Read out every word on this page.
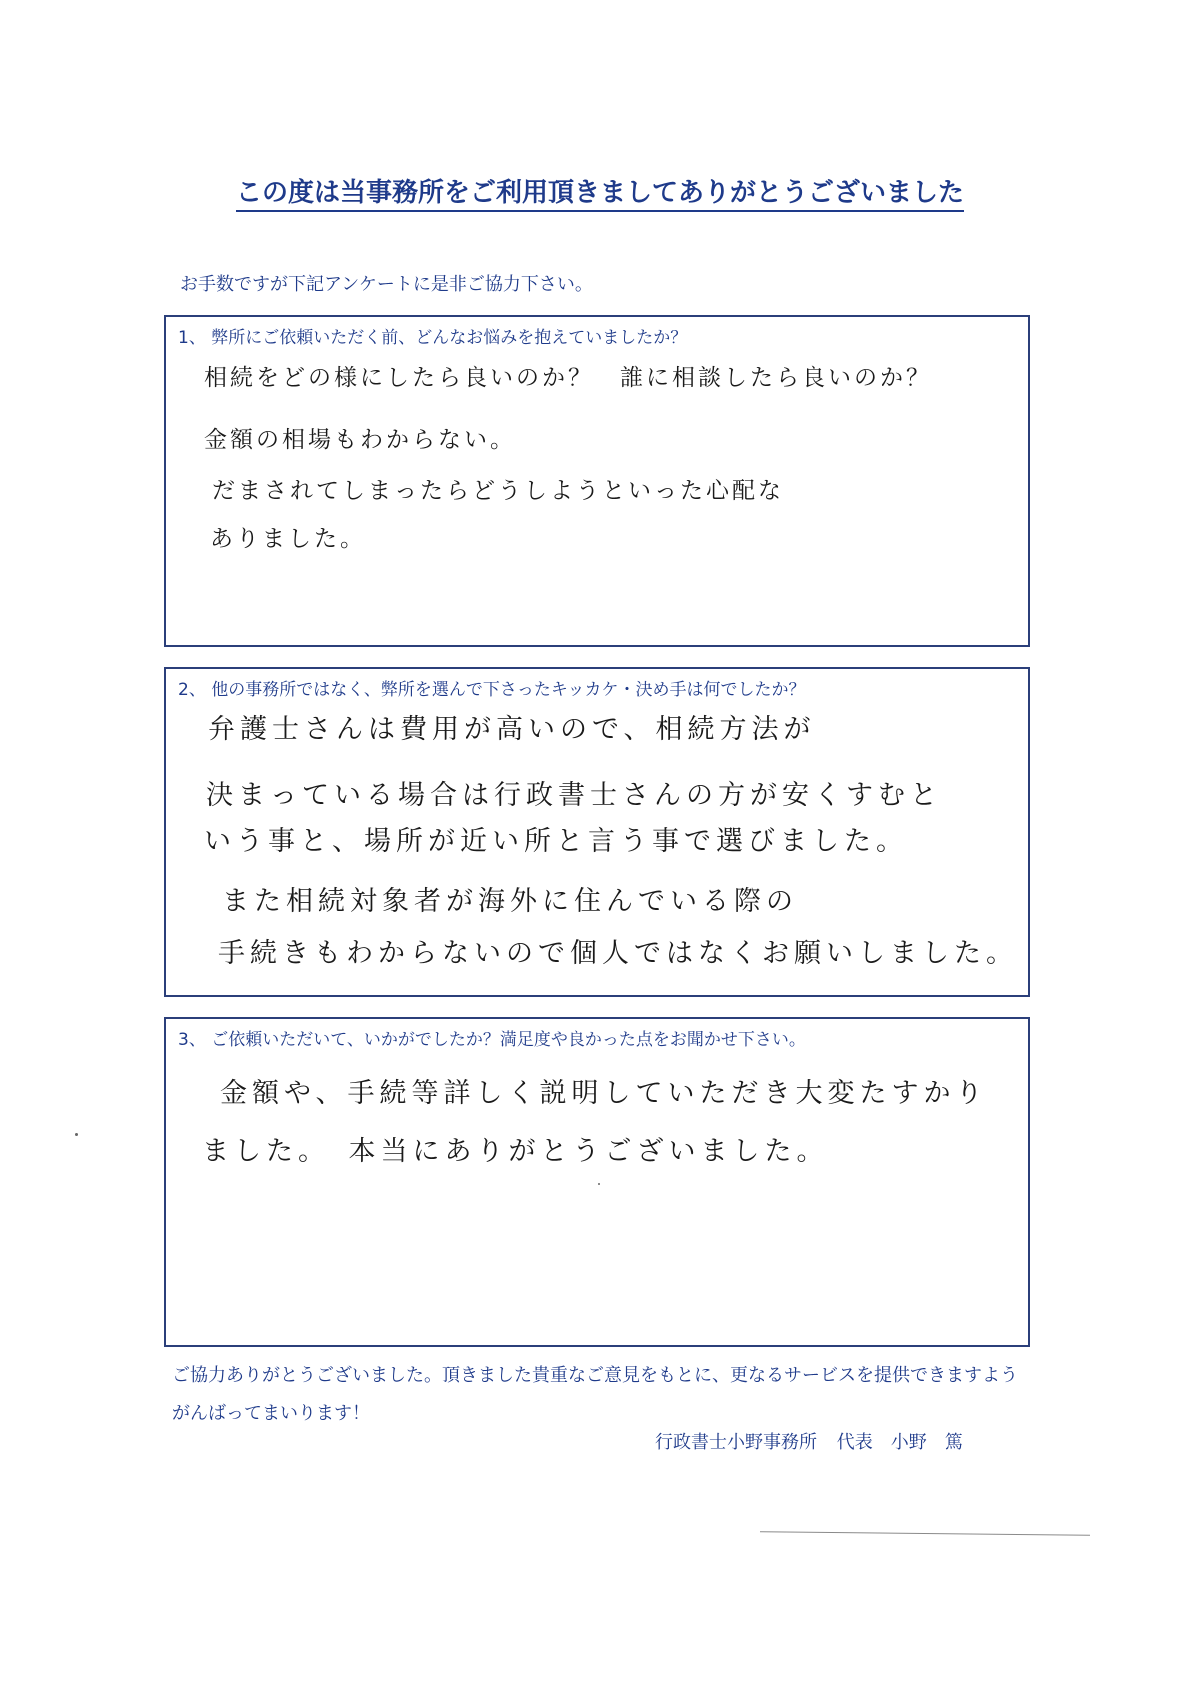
この度は当事務所をご利用頂きましてありがとうございました
お手数ですが下記アンケートに是非ご協力下さい。
1、 弊所にご依頼いただく前、どんなお悩みを抱えていましたか？
相続をどの様にしたら良いのか？　誰に相談したら良いのか？
金額の相場もわからない。
だまされてしまったらどうしようといった心配な
ありました。
2、 他の事務所ではなく、弊所を選んで下さったキッカケ・決め手は何でしたか？
弁護士さんは費用が高いので、相続方法が
決まっている場合は行政書士さんの方が安くすむと
いう事と、場所が近い所と言う事で選びました。
また相続対象者が海外に住んでいる際の
手続きもわからないので個人ではなくお願いしました。
3、 ご依頼いただいて、いかがでしたか？満足度や良かった点をお聞かせ下さい。
金額や、手続等詳しく説明していただき大変たすかり
ました。　本当にありがとうございました。
ご協力ありがとうございました。頂きました貴重なご意見をもとに、更なるサービスを提供できますようがんばってまいります！
行政書士小野事務所 代表　小野　篤
